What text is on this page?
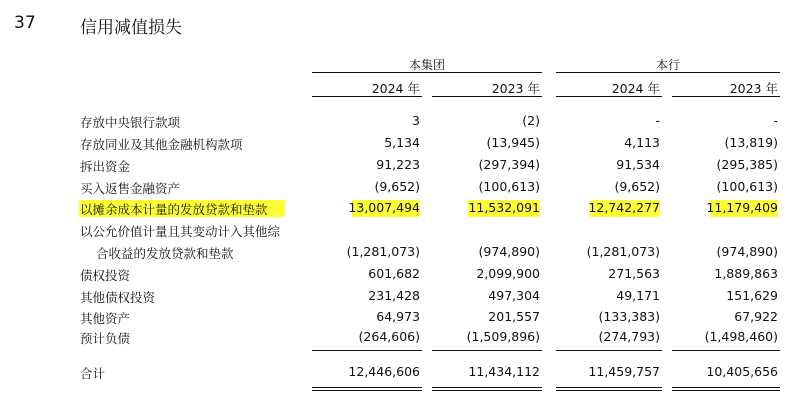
37	信用减值损失
本集团	本行
2024 年	2023 年	2024 年	2023 年
存放中央银行款项	3	(2)	-	-
存放同业及其他金融机构款项	5,134	(13,945)	4,113	(13,819)
拆出资金	91,223	(297,394)	91,534	(295,385)
买入返售金融资产	(9,652)	(100,613)	(9,652)	(100,613)
以摊余成本计量的发放贷款和垫款	13,007,494	11,532,091	12,742,277	11,179,409
以公允价值计量且其变动计入其他综
合收益的发放贷款和垫款	(1,281,073)	(974,890)	(1,281,073)	(974,890)
债权投资	601,682	2,099,900	271,563	1,889,863
其他债权投资	231,428	497,304	49,171	151,629
其他资产	64,973	201,557	(133,383)	67,922
预计负债	(264,606)	(1,509,896)	(274,793)	(1,498,460)
合计	12,446,606	11,434,112	11,459,757	10,405,656
